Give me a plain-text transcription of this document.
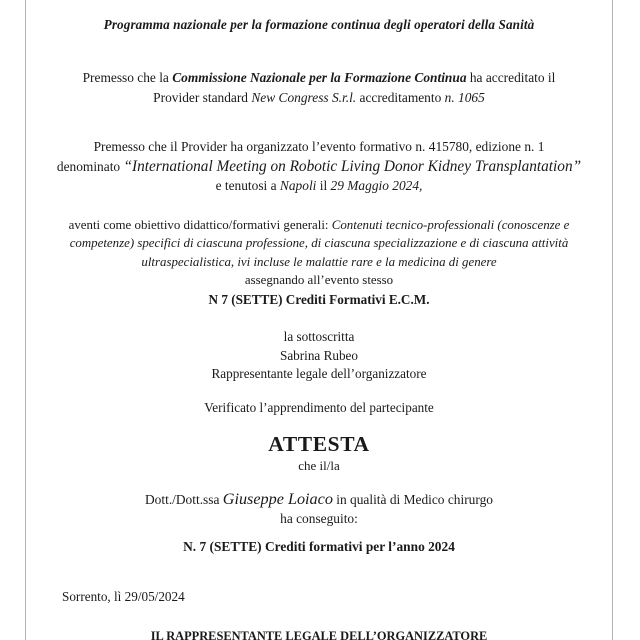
Programma nazionale per la formazione continua degli operatori della Sanità
Premesso che la Commissione Nazionale per la Formazione Continua ha accreditato il
Provider standard New Congress S.r.l. accreditamento n. 1065
Premesso che il Provider ha organizzato l’evento formativo n. 415780, edizione n. 1
denominato “International Meeting on Robotic Living Donor Kidney Transplantation”
e tenutosi a Napoli il 29 Maggio 2024,
aventi come obiettivo didattico/formativi generali: Contenuti tecnico-professionali (conoscenze e competenze) specifici di ciascuna professione, di ciascuna specializzazione e di ciascuna attività ultraspecialistica, ivi incluse le malattie rare e la medicina di genere
assegnando all’evento stesso
N 7 (SETTE) Crediti Formativi E.C.M.
la sottoscritta
Sabrina Rubeo
Rappresentante legale dell’organizzatore
Verificato l’apprendimento del partecipante
ATTESTA
che il/la
Dott./Dott.ssa Giuseppe Loiaco in qualità di Medico chirurgo
ha conseguito:
N. 7 (SETTE) Crediti formativi per l’anno 2024
Sorrento, lì 29/05/2024
IL RAPPRESENTANTE LEGALE DELL’ORGANIZZATORE
